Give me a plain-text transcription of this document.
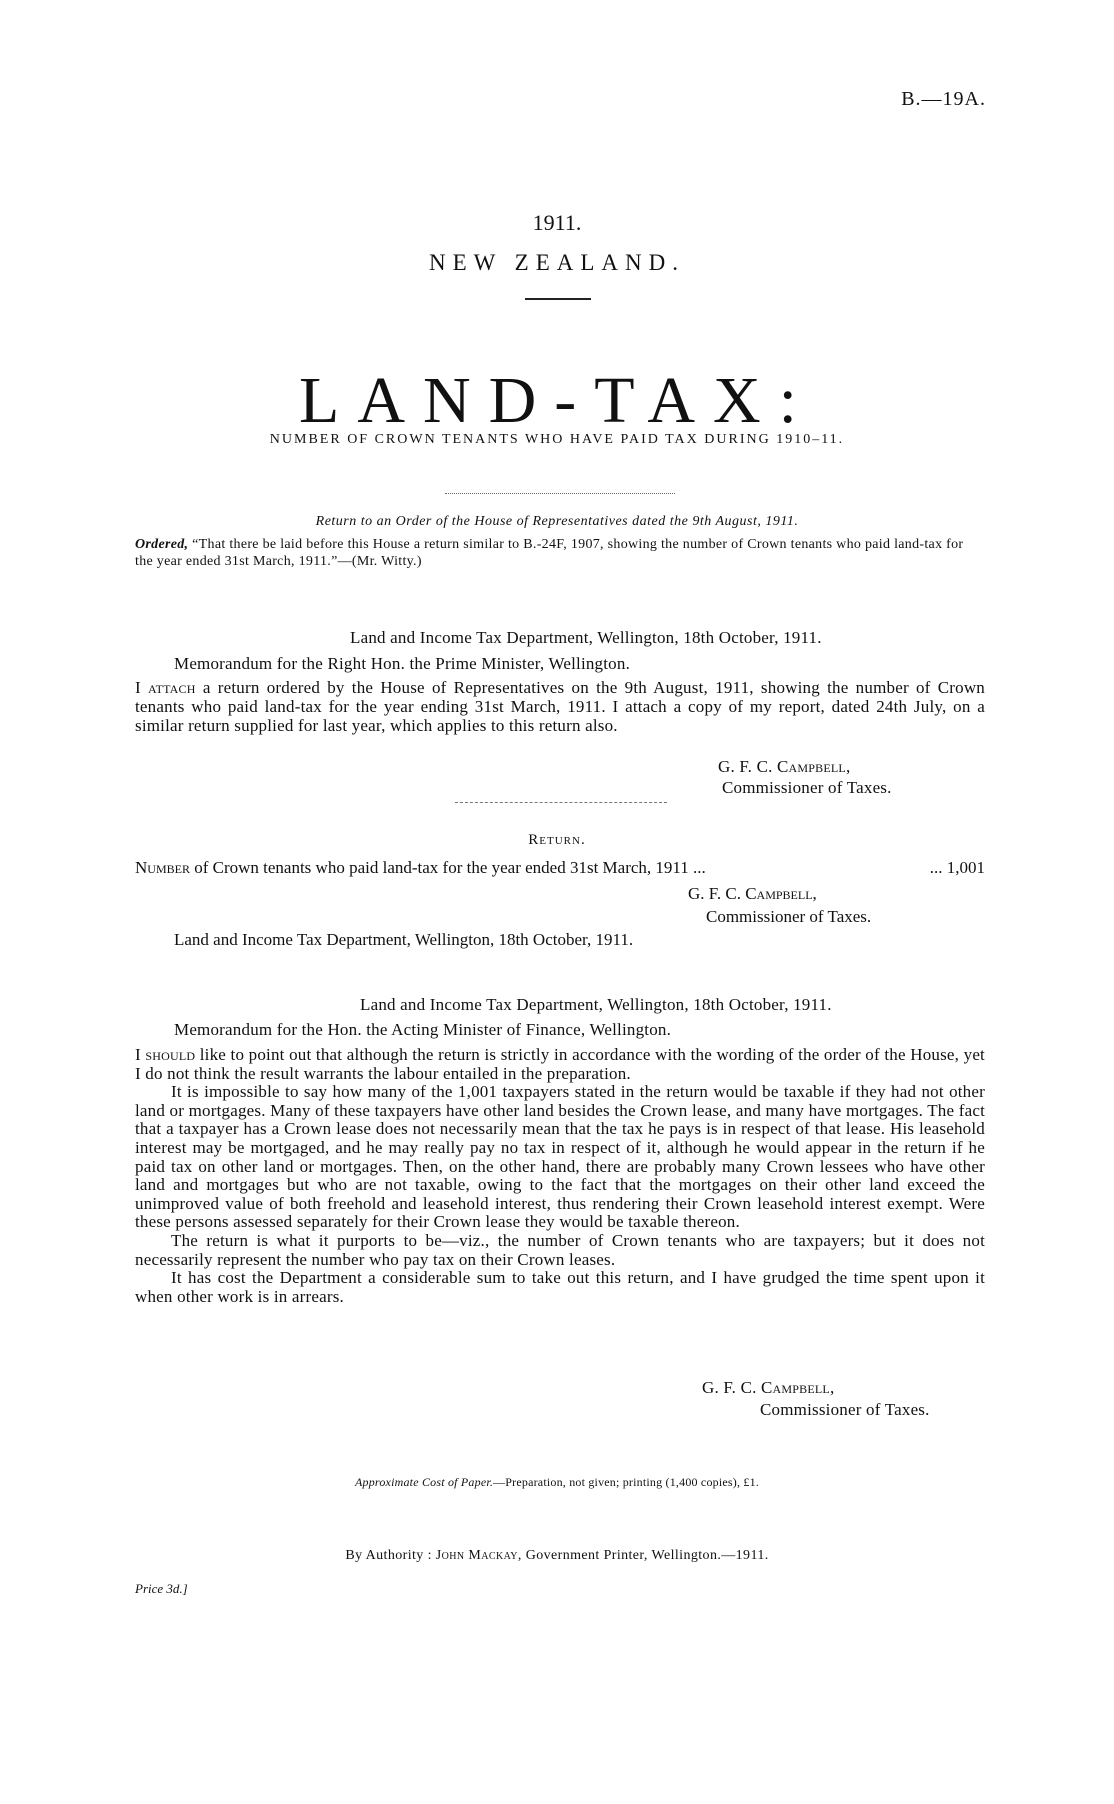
B.—19A.
1911.
NEW ZEALAND.
LAND-TAX:
NUMBER OF CROWN TENANTS WHO HAVE PAID TAX DURING 1910–11.
Return to an Order of the House of Representatives dated the 9th August, 1911.
Ordered, “That there be laid before this House a return similar to B.-24F, 1907, showing the number of Crown tenants who paid land-tax for the year ended 31st March, 1911.”—(Mr. Witty.)
Land and Income Tax Department, Wellington, 18th October, 1911.
Memorandum for the Right Hon. the Prime Minister, Wellington.
I attach a return ordered by the House of Representatives on the 9th August, 1911, showing the number of Crown tenants who paid land-tax for the year ending 31st March, 1911. I attach a copy of my report, dated 24th July, on a similar return supplied for last year, which applies to this return also.
G. F. C. Campbell,
Commissioner of Taxes.
Return.
Number of Crown tenants who paid land-tax for the year ended 31st March, 1911 ...	... 1,001
G. F. C. Campbell,
Commissioner of Taxes.
Land and Income Tax Department, Wellington, 18th October, 1911.
Land and Income Tax Department, Wellington, 18th October, 1911.
Memorandum for the Hon. the Acting Minister of Finance, Wellington.

I should like to point out that although the return is strictly in accordance with the wording of the order of the House, yet I do not think the result warrants the labour entailed in the preparation.

It is impossible to say how many of the 1,001 taxpayers stated in the return would be taxable if they had not other land or mortgages. Many of these taxpayers have other land besides the Crown lease, and many have mortgages. The fact that a taxpayer has a Crown lease does not necessarily mean that the tax he pays is in respect of that lease. His leasehold interest may be mortgaged, and he may really pay no tax in respect of it, although he would appear in the return if he paid tax on other land or mortgages. Then, on the other hand, there are probably many Crown lessees who have other land and mortgages but who are not taxable, owing to the fact that the mortgages on their other land exceed the unimproved value of both freehold and leasehold interest, thus rendering their Crown leasehold interest exempt. Were these persons assessed separately for their Crown lease they would be taxable thereon.

The return is what it purports to be—viz., the number of Crown tenants who are taxpayers; but it does not necessarily represent the number who pay tax on their Crown leases.

It has cost the Department a considerable sum to take out this return, and I have grudged the time spent upon it when other work is in arrears.

G. F. C. Campbell,
Commissioner of Taxes.
Approximate Cost of Paper.—Preparation, not given; printing (1,400 copies), £1.
By Authority : John Mackay, Government Printer, Wellington.—1911.
Price 3d.]
